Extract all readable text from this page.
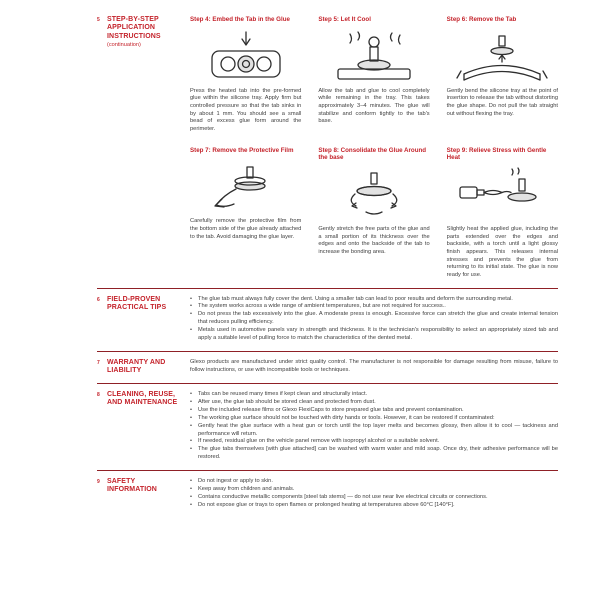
5	STEP-BY-STEP APPLICATION INSTRUCTIONS
(continuation)
Step 4: Embed the Tab in the Glue

Press the heated tab into the pre-formed glue within the silicone tray. Apply firm but controlled pressure so that the tab sinks in by about 1 mm. You should see a small bead of excess glue form around the perimeter.

Step 5: Let It Cool

Allow the tab and glue to cool completely while remaining in the tray. This takes approximately 3–4 minutes. The glue will stabilize and conform tightly to the tab's base.

Step 6: Remove the Tab

Gently bend the silicone tray at the point of insertion to release the tab without distorting the glue shape. Do not pull the tab straight out without flexing the tray.

Step 7: Remove the Protective Film

Carefully remove the protective film from the bottom side of the glue already attached to the tab. Avoid damaging the glue layer.

Step 8: Consolidate the Glue Around the base

Gently stretch the free parts of the glue and a small portion of its thickness over the edges and onto the backside of the tab to increase the bonding area.

Step 9: Relieve Stress with Gentle Heat

Slightly heat the applied glue, including the parts extended over the edges and backside, with a torch until a light glossy finish appears. This releases internal stresses and prevents the glue from returning to its initial state. The glue is now ready for use.

6	FIELD-PROVEN PRACTICAL TIPS
•	The glue tab must always fully cover the dent. Using a smaller tab can lead to poor results and deform the surrounding metal.
•	The system works across a wide range of ambient temperatures, but are not required for success..
•	Do not press the tab excessively into the glue. A moderate press is enough. Excessive force can stretch the glue and create internal tension that reduces pulling efficiency.
•	Metals used in automotive panels vary in strength and thickness. It is the technician's responsibility to select an appropriately sized tab and apply a suitable level of pulling force to match the characteristics of the dented metal.
7	WARRANTY AND LIABILITY

Glexo products are manufactured under strict quality control. The manufacturer is not responsible for damage resulting from misuse, failure to follow instructions, or use with incompatible tools or techniques.

8	CLEANING, REUSE, AND MAINTENANCE
•	Tabs can be reused many times if kept clean and structurally intact.
•	After use, the glue tab should be stored clean and protected from dust.
•	Use the included release films or Glexo FlexiCaps to store prepared glue tabs and prevent contamination.
•	The working glue surface should not be touched with dirty hands or tools. However, it can be restored if contaminated:
•	Gently heat the glue surface with a heat gun or torch until the top layer melts and becomes glossy, then allow it to cool — tackiness and performance will return.
•	If needed, residual glue on the vehicle panel remove with isopropyl alcohol or a suitable solvent.
•	The glue tabs themselves [with glue attached] can be washed with warm water and mild soap. Once dry, their adhesive performance will be restored.
9	SAFETY INFORMATION
•	Do not ingest or apply to skin.
•	Keep away from children and animals.
•	Contains conductive metallic components [steel tab stems] — do not use near live electrical circuits or connections.
•	Do not expose glue or trays to open flames or prolonged heating at temperatures above 60°C [140°F].
